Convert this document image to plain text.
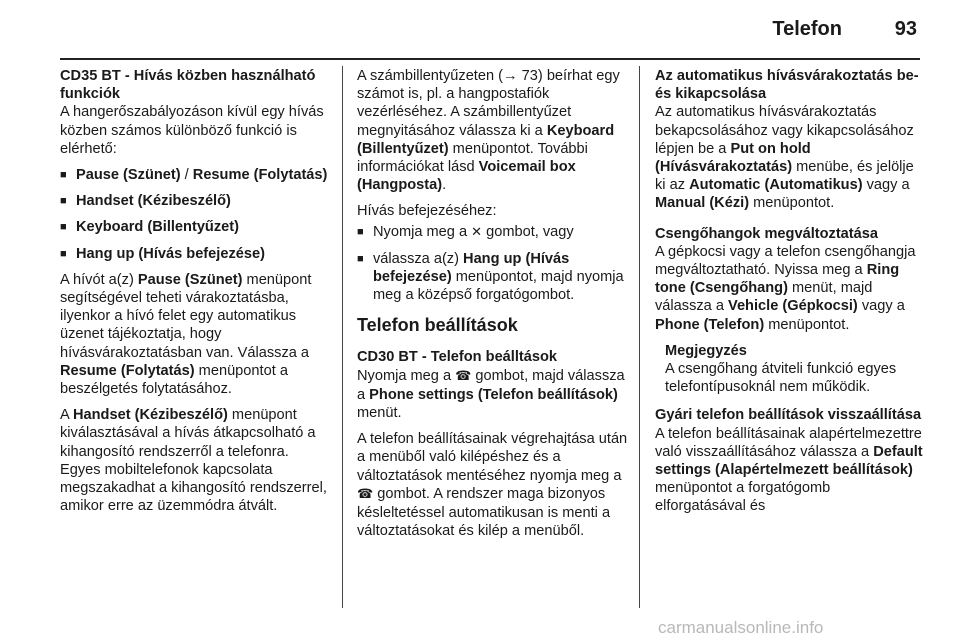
Telefon	93

CD35 BT - Hívás közben használható funkciók

A hangerőszabályozáson kívül egy hívás közben számos különböző funkció is elérhető:

■ Pause (Szünet) / Resume (Folytatás)
■ Handset (Kézibeszélő)
■ Keyboard (Billentyűzet)
■ Hang up (Hívás befejezése)

A hívót a(z) Pause (Szünet) menüpont segítségével teheti várakoztatásba, ilyenkor a hívó felet egy automatikus üzenet tájékoztatja, hogy hívásvárakoztatásban van. Válassza a Resume (Folytatás) menüpontot a beszélgetés folytatásához.

A Handset (Kézibeszélő) menüpont kiválasztásával a hívás átkapcsolható a kihangosító rendszerről a telefonra. Egyes mobiltelefonok kapcsolata megszakadhat a kihangosító rendszerrel, amikor erre az üzemmódra átvált.

A számbillentyűzeten (→ 73) beírhat egy számot is, pl. a hangpostafiók vezérléséhez. A számbillentyűzet megnyitásához válassza ki a Keyboard (Billentyűzet) menüpontot. További információkat lásd Voicemail box (Hangposta).

Hívás befejezéséhez:

■ Nyomja meg a ✕ gombot, vagy
■ válassza a(z) Hang up (Hívás befejezése) menüpontot, majd nyomja meg a középső forgatógombot.
Telefon beállítások

CD30 BT - Telefon beálltások

Nyomja meg a ☎ gombot, majd válassza a Phone settings (Telefon beállítások) menüt.

A telefon beállításainak végrehajtása után a menüből való kilépéshez és a változtatások mentéséhez nyomja meg a ☎ gombot. A rendszer maga bizonyos késleltetéssel automatikusan is menti a változtatásokat és kilép a menüből.

Az automatikus hívásvárakoztatás be- és kikapcsolása

Az automatikus hívásvárakoztatás bekapcsolásához vagy kikapcsolásához lépjen be a Put on hold (Hívásvárakoztatás) menübe, és jelölje ki az Automatic (Automatikus) vagy a Manual (Kézi) menüpontot.

Csengőhangok megváltoztatása

A gépkocsi vagy a telefon csengőhangja megváltoztatható. Nyissa meg a Ring tone (Csengőhang) menüt, majd válassza a Vehicle (Gépkocsi) vagy a Phone (Telefon) menüpontot.

Megjegyzés

A csengőhang átviteli funkció egyes telefontípusoknál nem működik.

Gyári telefon beállítások visszaállítása

A telefon beállításainak alapértelmezettre való visszaállításához válassza a Default settings (Alapértelmezett beállítások) menüpontot a forgatógomb elforgatásával és

carmanualsonline.info
